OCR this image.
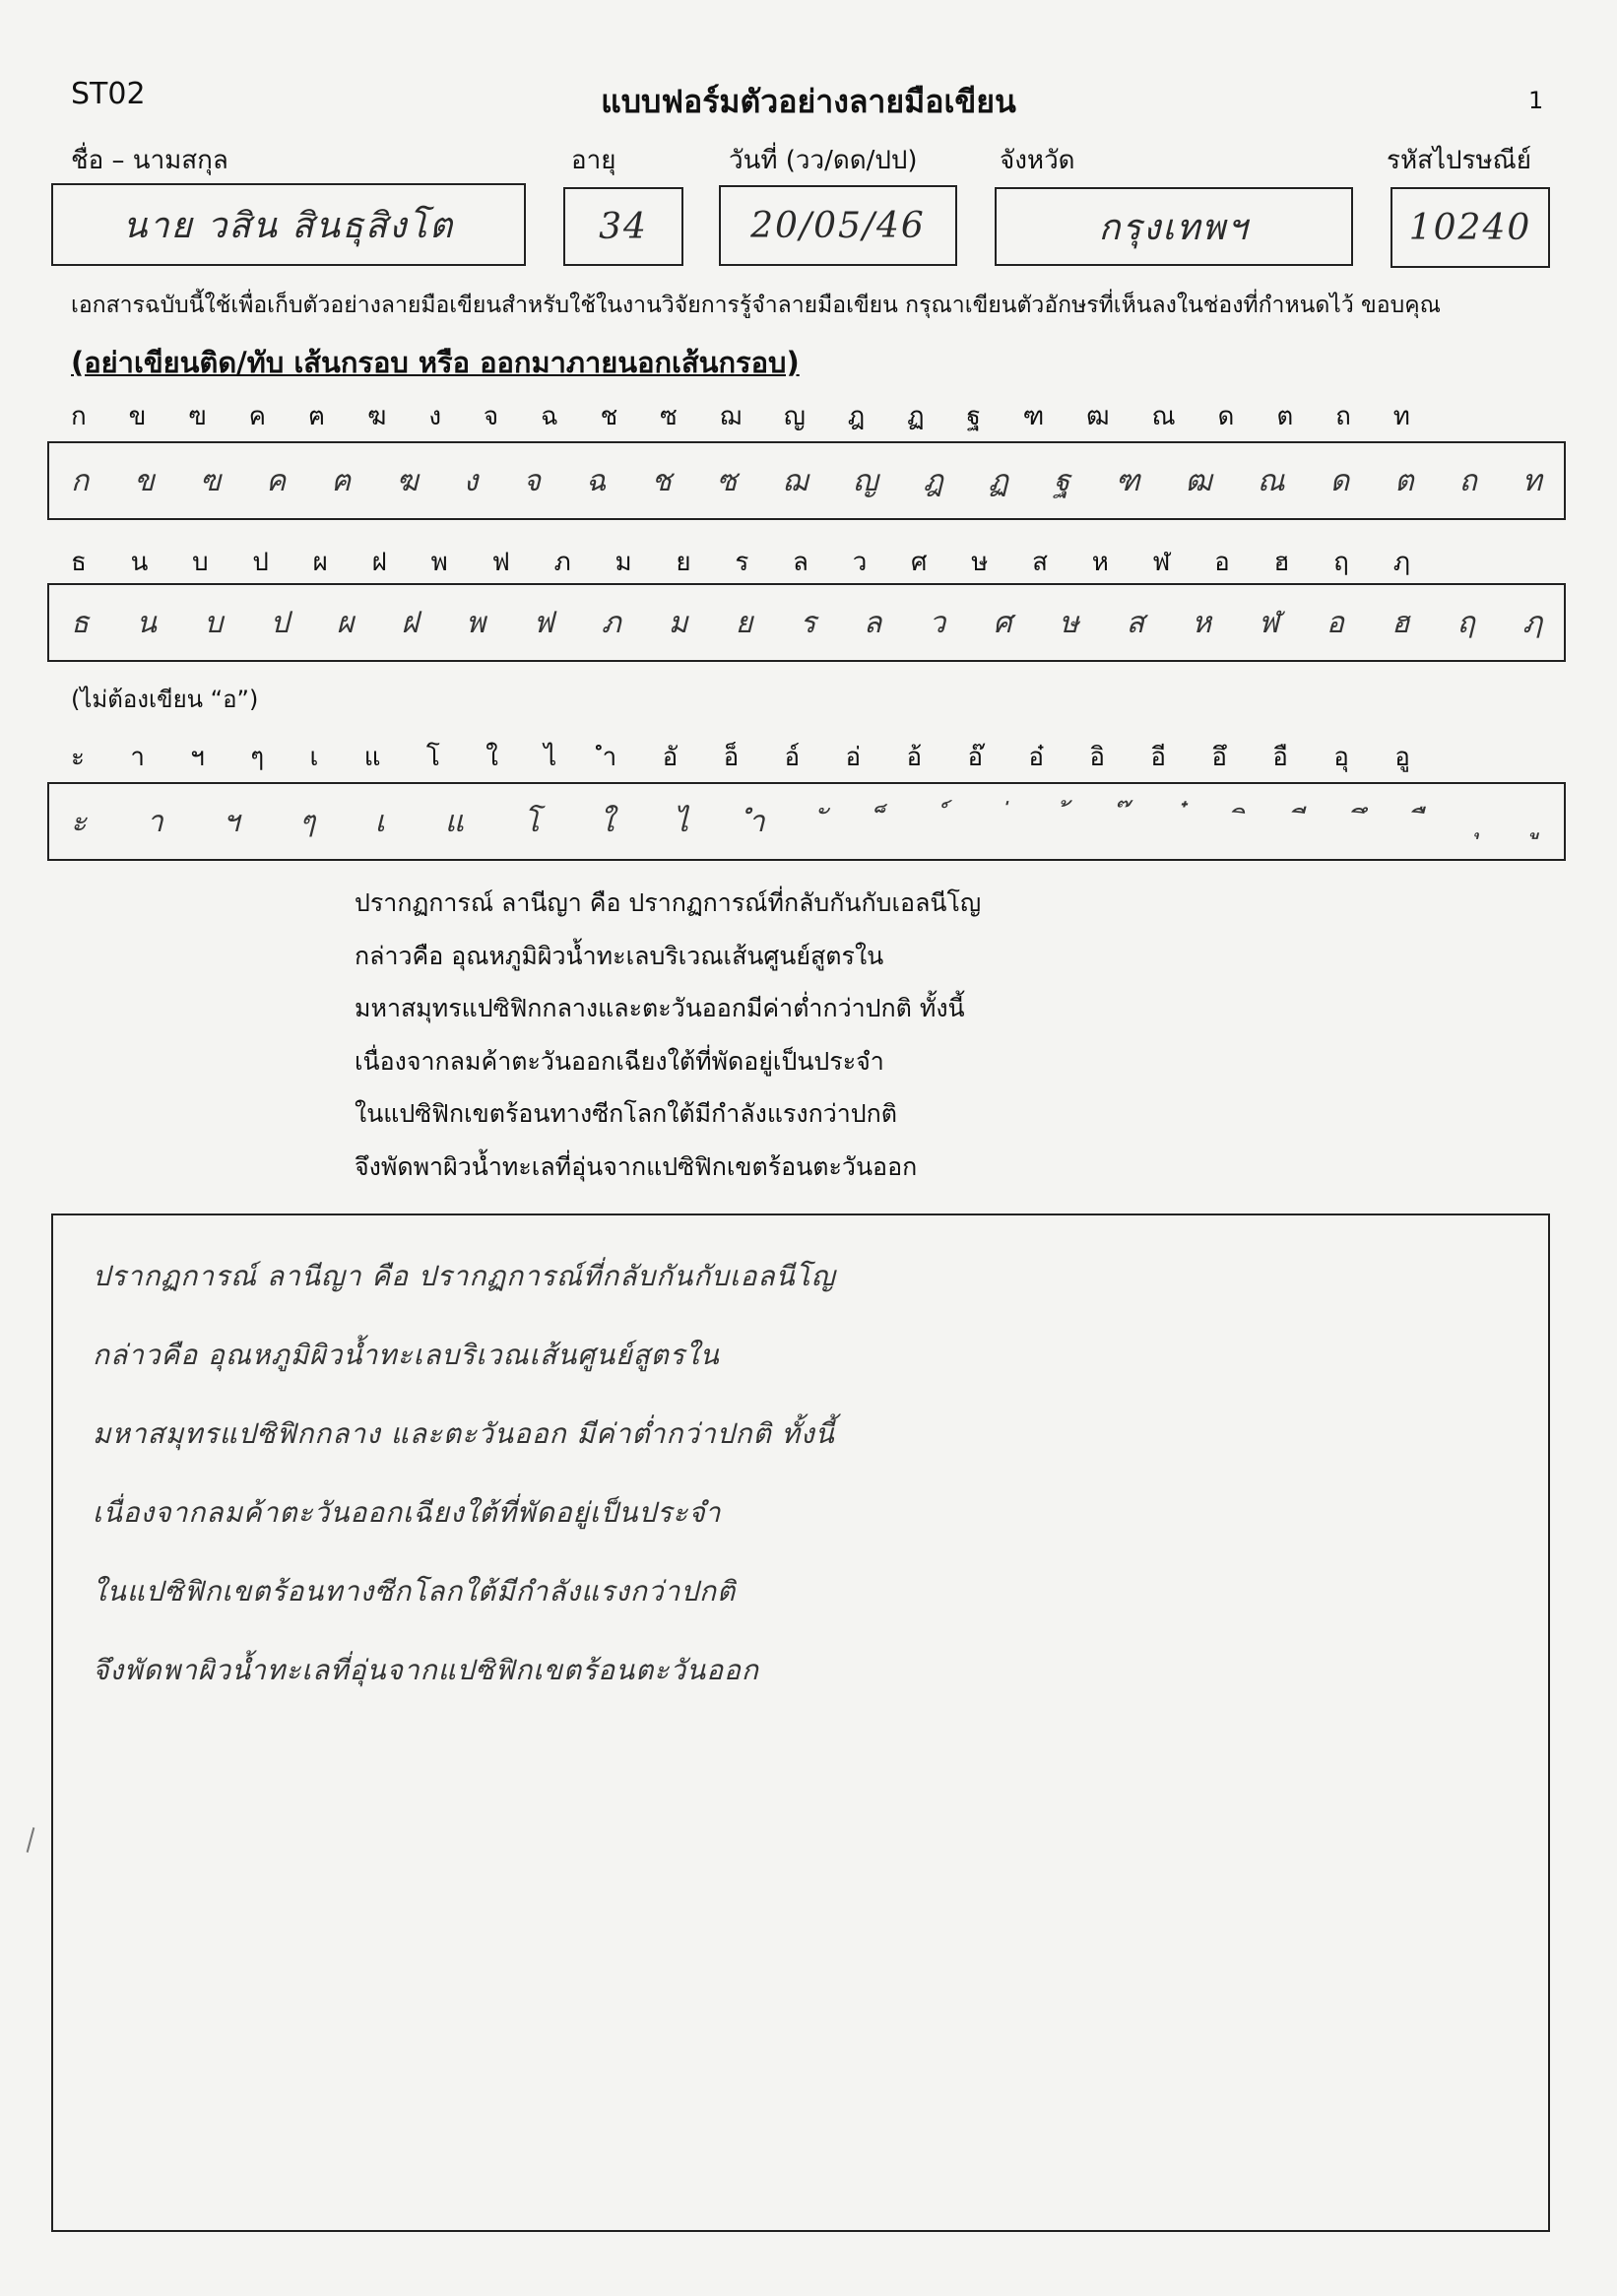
ST02	แบบฟอร์มตัวอย่างลายมือเขียน	1
ชื่อ – นามสกุล	อายุ	วันที่ (วว/ดด/ปป)	จังหวัด	รหัสไปรษณีย์
นาย วสิน สินธุสิงโต	34	20/05/46	กรุงเทพฯ	10240
เอกสารฉบับนี้ใช้เพื่อเก็บตัวอย่างลายมือเขียนสำหรับใช้ในงานวิจัยการรู้จำลายมือเขียน กรุณาเขียนตัวอักษรที่เห็นลงในช่องที่กำหนดไว้ ขอบคุณ
(อย่าเขียนติด/ทับ เส้นกรอบ หรือ ออกมาภายนอกเส้นกรอบ)
ก ข ฃ ค ฅ ฆ ง จ ฉ ช ซ ฌ ญ ฎ ฏ ฐ ฑ ฒ ณ ด ต ถ ท
ก ข ฃ ค ฅ ฆ ง จ ฉ ช ซ ฌ ญ ฎ ฏ ฐ ฑ ฒ ณ ด ต ถ ท
ธ น บ ป ผ ฝ พ ฟ ภ ม ย ร ล ว ศ ษ ส ห ฬ อ ฮ ฤ ฦ
ธ น บ ป ผ ฝ พ ฟ ภ ม ย ร ล ว ศ ษ ส ห ฬ อ ฮ ฤ ฦ
(ไม่ต้องเขียน “อ”)
ะ า ฯ ๆ เ แ โ ใ ไ ำ อั อ็ อ์ อ่ อ้ อ๊ อ๋ อิ อี อึ อื อุ อู
ะ า ฯ ๆ เ แ โ ใ ไ ำ
ปรากฏการณ์ ลานีญา คือ ปรากฏการณ์ที่กลับกันกับเอลนีโญ
กล่าวคือ อุณหภูมิผิวน้ำทะเลบริเวณเส้นศูนย์สูตรใน
มหาสมุทรแปซิฟิกกลางและตะวันออกมีค่าต่ำกว่าปกติ ทั้งนี้
เนื่องจากลมค้าตะวันออกเฉียงใต้ที่พัดอยู่เป็นประจำ
ในแปซิฟิกเขตร้อนทางซีกโลกใต้มีกำลังแรงกว่าปกติ
จึงพัดพาผิวน้ำทะเลที่อุ่นจากแปซิฟิกเขตร้อนตะวันออก
ปรากฏการณ์ ลานีญา คือ ปรากฏการณ์ที่กลับกันกับเอลนีโญ
กล่าวคือ อุณหภูมิผิวน้ำทะเลบริเวณเส้นศูนย์สูตรใน
มหาสมุทรแปซิฟิกกลาง และตะวันออก มีค่าต่ำกว่าปกติ ทั้งนี้
เนื่องจากลมค้าตะวันออกเฉียงใต้ที่พัดอยู่เป็นประจำ
ในแปซิฟิกเขตร้อนทางซีกโลกใต้มีกำลังแรงกว่าปกติ
จึงพัดพาผิวน้ำทะเลที่อุ่นจากแปซิฟิกเขตร้อนตะวันออก
